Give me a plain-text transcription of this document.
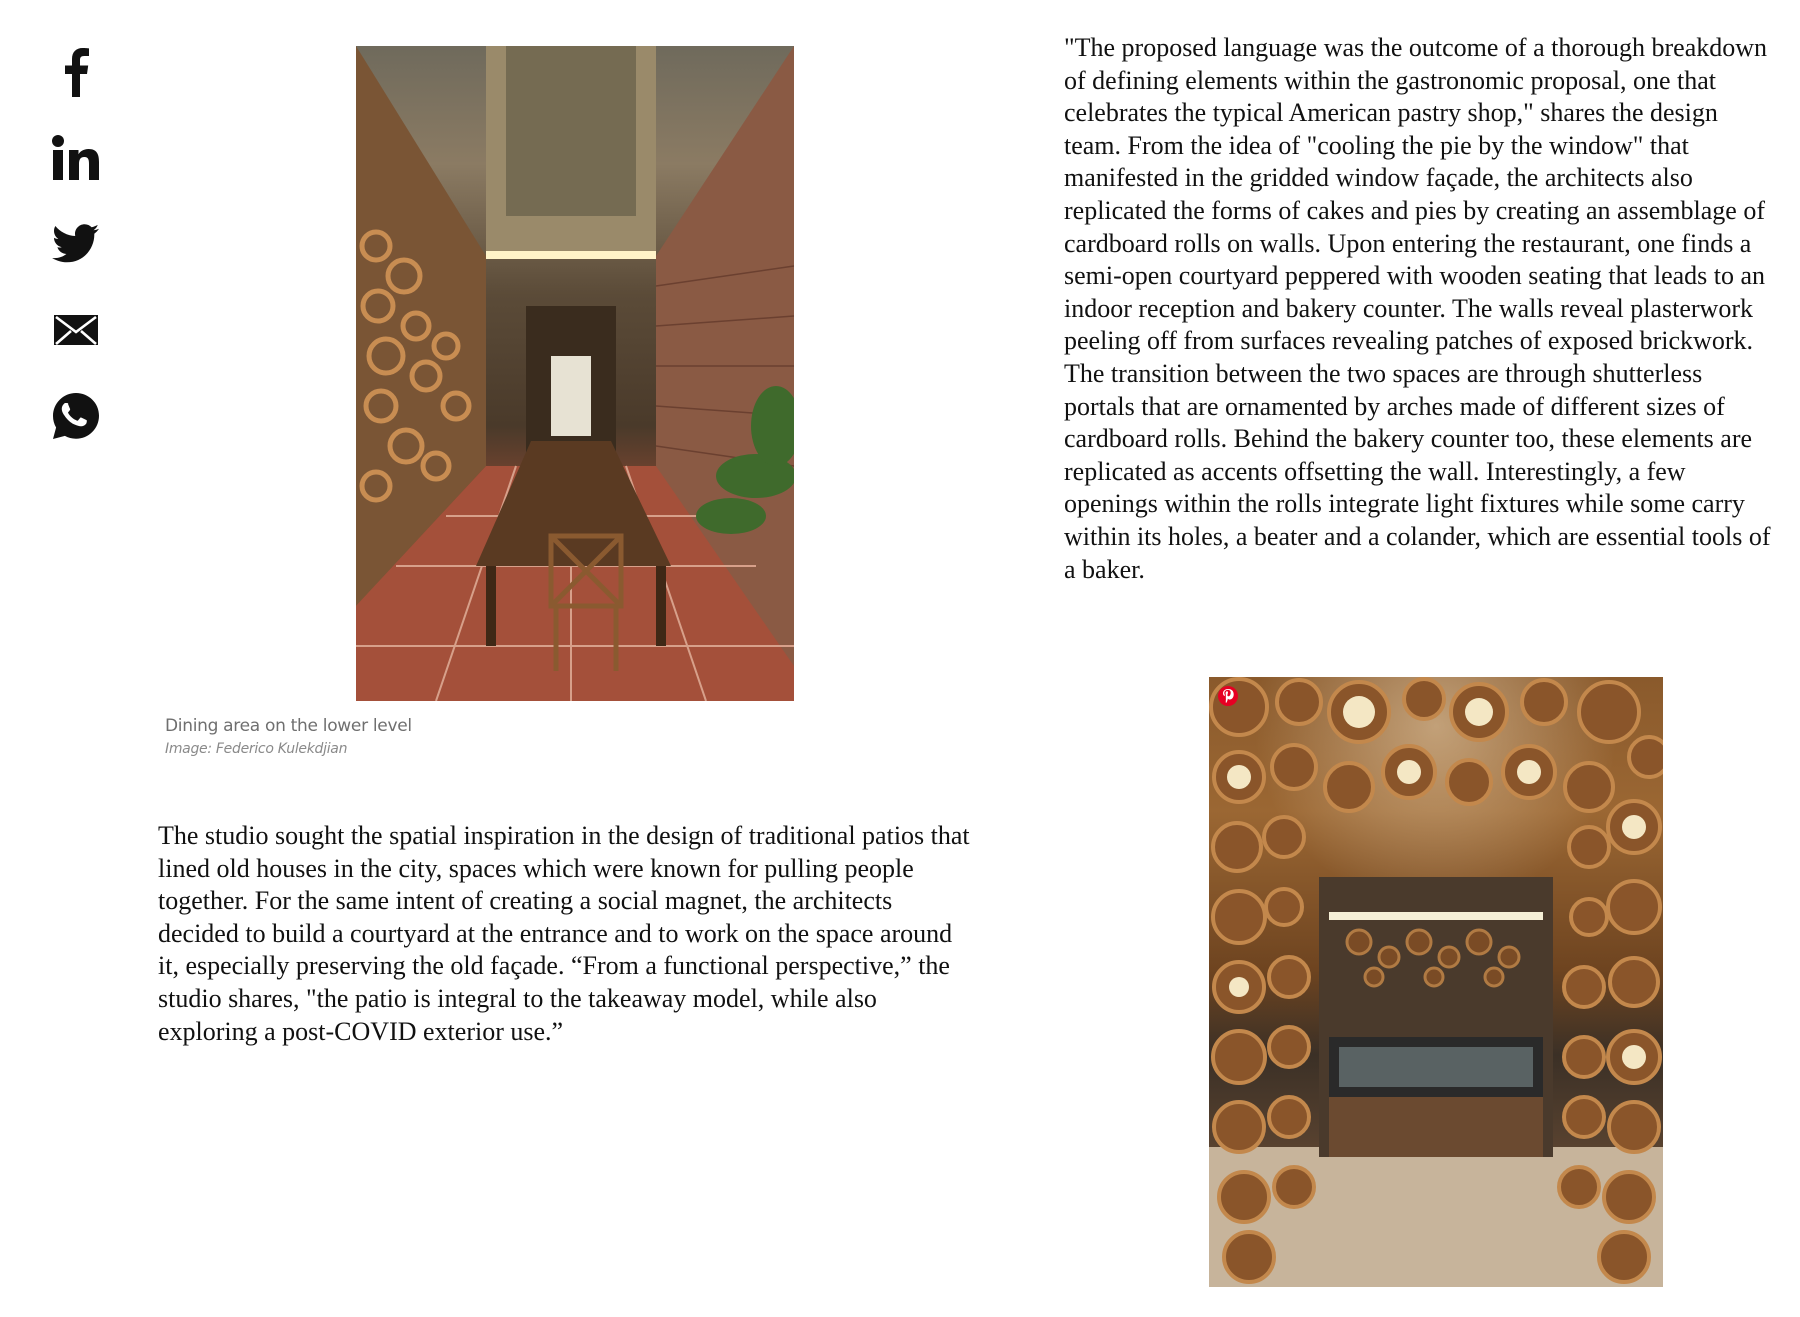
Dining area on the lower level
Image: Federico Kulekdjian

"The proposed language was the outcome of a thorough breakdown of defining elements within the gastronomic proposal, one that celebrates the typical American pastry shop," shares the design team. From the idea of "cooling the pie by the window" that manifested in the gridded window façade, the architects also replicated the forms of cakes and pies by creating an assemblage of cardboard rolls on walls. Upon entering the restaurant, one finds a semi-open courtyard peppered with wooden seating that leads to an indoor reception and bakery counter. The walls reveal plasterwork peeling off from surfaces revealing patches of exposed brickwork. The transition between the two spaces are through shutterless portals that are ornamented by arches made of different sizes of cardboard rolls. Behind the bakery counter too, these elements are replicated as accents offsetting the wall. Interestingly, a few openings within the rolls integrate light fixtures while some carry within its holes, a beater and a colander, which are essential tools of a baker.

The studio sought the spatial inspiration in the design of traditional patios that lined old houses in the city, spaces which were known for pulling people together. For the same intent of creating a social magnet, the architects decided to build a courtyard at the entrance and to work on the space around it, especially preserving the old façade. “From a functional perspective,” the studio shares, "the patio is integral to the takeaway model, while also exploring a post-COVID exterior use.”
